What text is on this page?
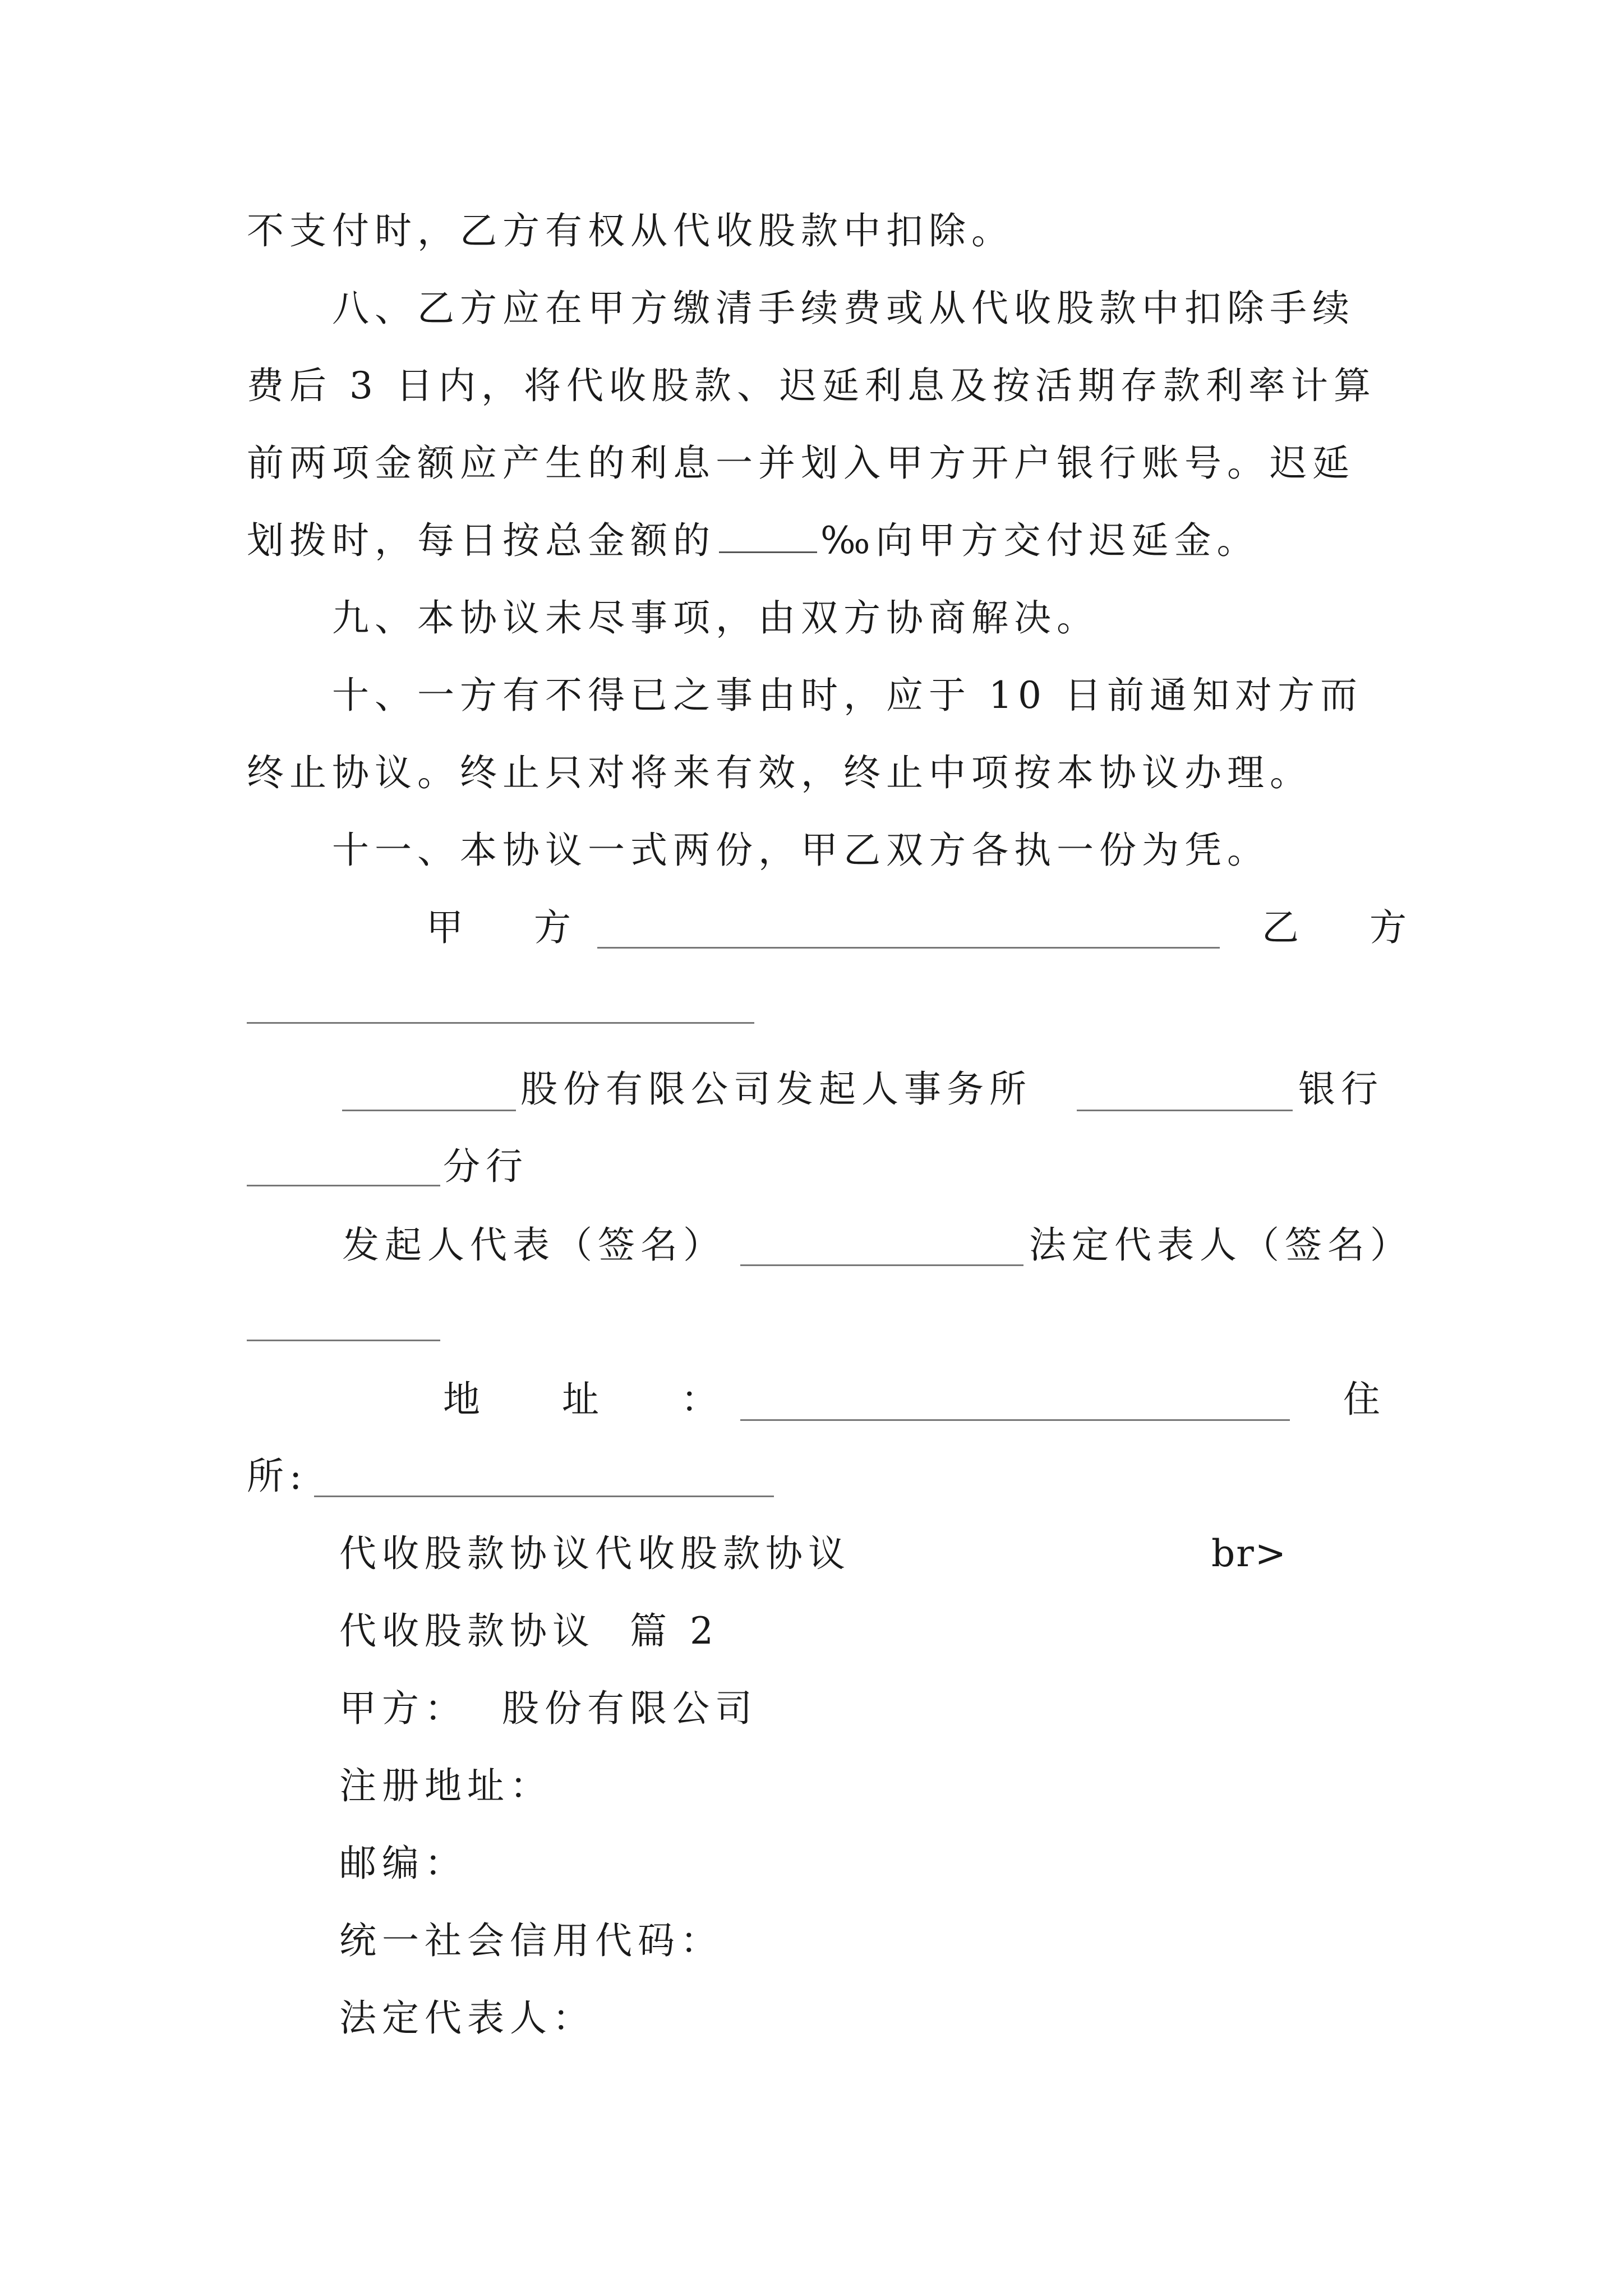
不支付时，乙方有权从代收股款中扣除。
八、乙方应在甲方缴清手续费或从代收股款中扣除手续
费后 3 日内，将代收股款、迟延利息及按活期存款利率计算
前两项金额应产生的利息一并划入甲方开户银行账号。迟延
划拨时，每日按总金额的	‰向甲方交付迟延金。
九、本协议未尽事项，由双方协商解决。
十、一方有不得已之事由时，应于 10 日前通知对方而
终止协议。终止只对将来有效，终止中项按本协议办理。
十一、本协议一式两份，甲乙双方各执一份为凭。
甲　方	乙　方
股份有限公司发起人事务所	银行
分行
发起人代表（签名）	法定代表人（签名）
地　址　：	住
所:
代收股款协议代收股款协议	br>
代收股款协议  篇 2
甲方：  股份有限公司
注册地址：
邮编：
统一社会信用代码：
法定代表人：
